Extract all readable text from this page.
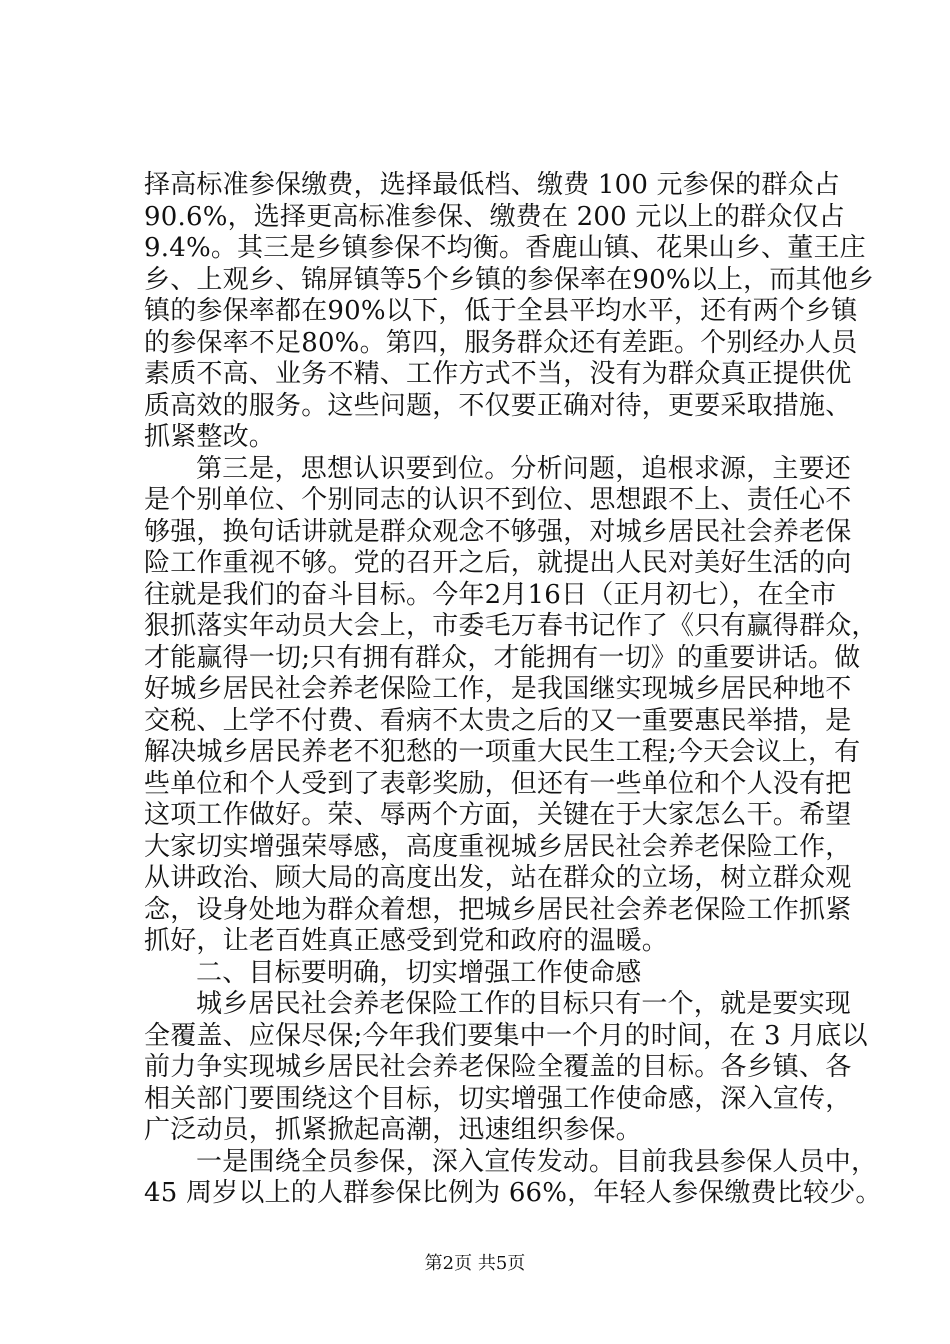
择高标准参保缴费，选择最低档、缴费 100 元参保的群众占
90.6%，选择更高标准参保、缴费在 200 元以上的群众仅占
9.4%。其三是乡镇参保不均衡。香鹿山镇、花果山乡、董王庄
乡、上观乡、锦屏镇等5个乡镇的参保率在90%以上，而其他乡
镇的参保率都在90%以下，低于全县平均水平，还有两个乡镇
的参保率不足80%。第四，服务群众还有差距。个别经办人员
素质不高、业务不精、工作方式不当，没有为群众真正提供优
质高效的服务。这些问题，不仅要正确对待，更要采取措施、
抓紧整改。
第三是，思想认识要到位。分析问题，追根求源，主要还
是个别单位、个别同志的认识不到位、思想跟不上、责任心不
够强，换句话讲就是群众观念不够强，对城乡居民社会养老保
险工作重视不够。党的召开之后，就提出人民对美好生活的向
往就是我们的奋斗目标。今年2月16日（正月初七），在全市
狠抓落实年动员大会上，市委毛万春书记作了《只有赢得群众，
才能赢得一切;只有拥有群众，才能拥有一切》的重要讲话。做
好城乡居民社会养老保险工作，是我国继实现城乡居民种地不
交税、上学不付费、看病不太贵之后的又一重要惠民举措，是
解决城乡居民养老不犯愁的一项重大民生工程;今天会议上，有
些单位和个人受到了表彰奖励，但还有一些单位和个人没有把
这项工作做好。荣、辱两个方面，关键在于大家怎么干。希望
大家切实增强荣辱感，高度重视城乡居民社会养老保险工作，
从讲政治、顾大局的高度出发，站在群众的立场，树立群众观
念，设身处地为群众着想，把城乡居民社会养老保险工作抓紧
抓好，让老百姓真正感受到党和政府的温暖。
二、目标要明确，切实增强工作使命感
城乡居民社会养老保险工作的目标只有一个，就是要实现
全覆盖、应保尽保;今年我们要集中一个月的时间，在 3 月底以
前力争实现城乡居民社会养老保险全覆盖的目标。各乡镇、各
相关部门要围绕这个目标，切实增强工作使命感，深入宣传，
广泛动员，抓紧掀起高潮，迅速组织参保。
一是围绕全员参保，深入宣传发动。目前我县参保人员中，
45 周岁以上的人群参保比例为 66%，年轻人参保缴费比较少。
第2页 共5页
